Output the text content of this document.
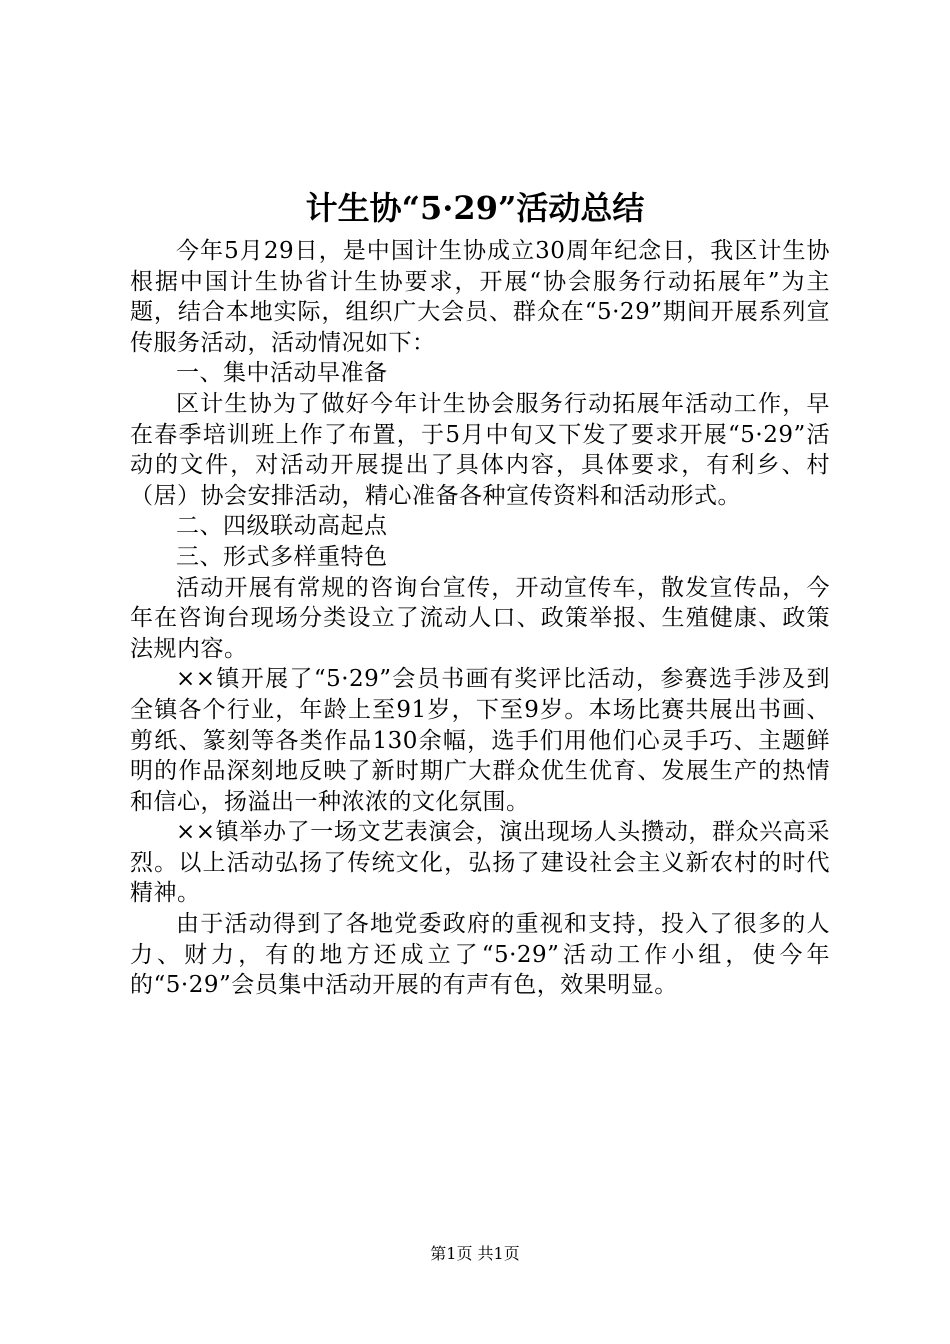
计生协“5·29”活动总结

今年5月29日，是中国计生协成立30周年纪念日，我区计生协根据中国计生协省计生协要求，开展“协会服务行动拓展年”为主题，结合本地实际，组织广大会员、群众在“5·29”期间开展系列宣传服务活动，活动情况如下：

一、集中活动早准备

区计生协为了做好今年计生协会服务行动拓展年活动工作，早在春季培训班上作了布置，于5月中旬又下发了要求开展“5·29”活动的文件，对活动开展提出了具体内容，具体要求，有利乡、村（居）协会安排活动，精心准备各种宣传资料和活动形式。

二、四级联动高起点

三、形式多样重特色

活动开展有常规的咨询台宣传，开动宣传车，散发宣传品，今年在咨询台现场分类设立了流动人口、政策举报、生殖健康、政策法规内容。

××镇开展了“5·29”会员书画有奖评比活动，参赛选手涉及到全镇各个行业，年龄上至91岁，下至9岁。本场比赛共展出书画、剪纸、篆刻等各类作品130余幅，选手们用他们心灵手巧、主题鲜明的作品深刻地反映了新时期广大群众优生优育、发展生产的热情和信心，扬溢出一种浓浓的文化氛围。

××镇举办了一场文艺表演会，演出现场人头攒动，群众兴高采烈。以上活动弘扬了传统文化，弘扬了建设社会主义新农村的时代精神。

由于活动得到了各地党委政府的重视和支持，投入了很多的人力、财力，有的地方还成立了“5·29”活动工作小组，使今年的“5·29”会员集中活动开展的有声有色，效果明显。

第1页 共1页
